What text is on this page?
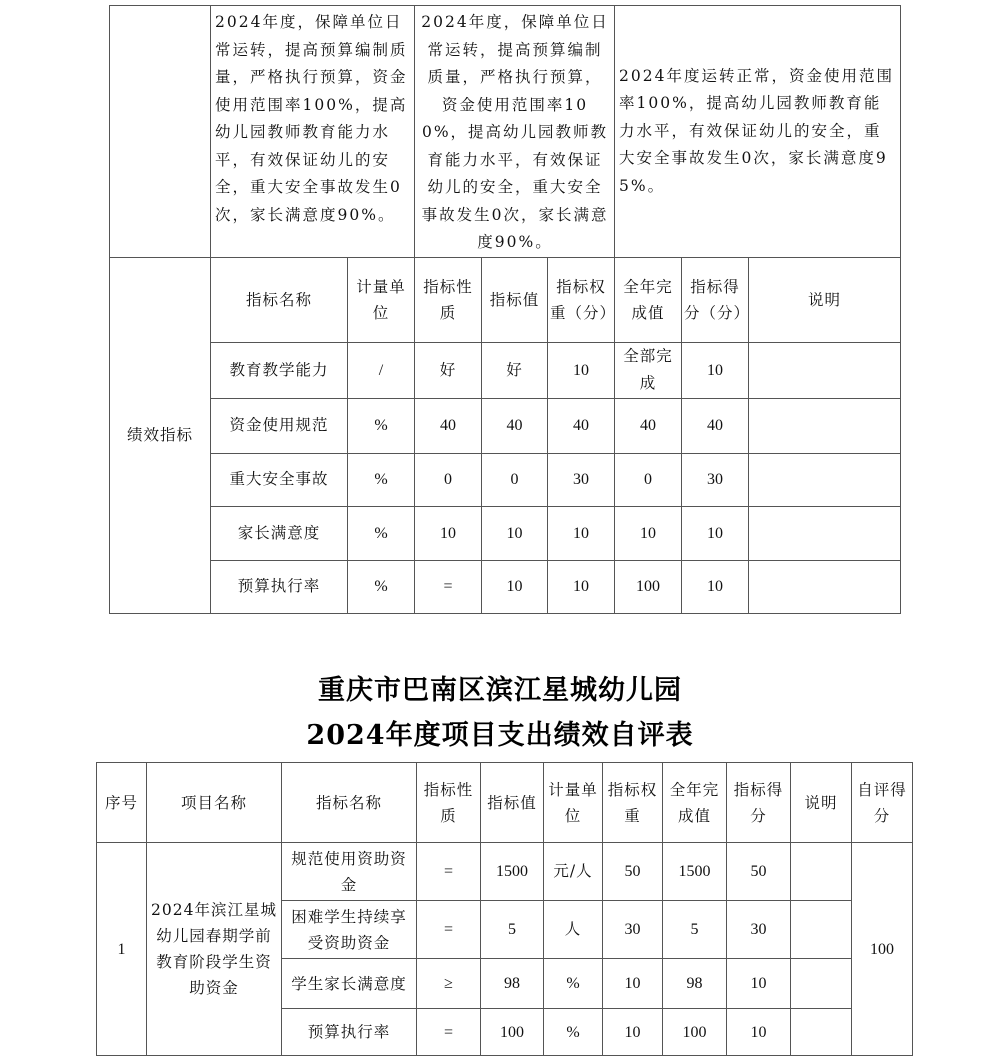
	2024年度，保障单位日常运转，提高预算编制质量，严格执行预算，资金使用范围率100%，提高幼儿园教师教育能力水平，有效保证幼儿的安全，重大安全事故发生0次，家长满意度90%。		2024年度，保障单位日常运转，提高预算编制质量，严格执行预算，资金使用范围率100%，提高幼儿园教师教育能力水平，有效保证幼儿的安全，重大安全事故发生0次，家长满意度90%。			2024年度运转正常，资金使用范围率100%，提高幼儿园教师教育能力水平，有效保证幼儿的安全，重大安全事故发生0次，家长满意度95%。		
绩效指标	指标名称	计量单位	指标性质	指标值	指标权重（分）	全年完成值	指标得分（分）	说明
	教育教学能力	/	好	好	10	全部完成	10	
	资金使用规范	%	40	40	40	40	40	
	重大安全事故	%	0	0	30	0	30	
	家长满意度	%	10	10	10	10	10	
	预算执行率	%	=	10	10	100	10	
重庆市巴南区滨江星城幼儿园
2024年度项目支出绩效自评表
序号	项目名称	指标名称	指标性质	指标值	计量单位	指标权重	全年完成值	指标得分	说明	自评得分
1	2024年滨江星城幼儿园春期学前教育阶段学生资助资金	规范使用资助资金	=	1500	元/人	50	1500	50		100
		困难学生持续享受资助资金	=	5	人	30	5	30		
		学生家长满意度	≥	98	%	10	98	10		
		预算执行率	=	100	%	10	100	10		
